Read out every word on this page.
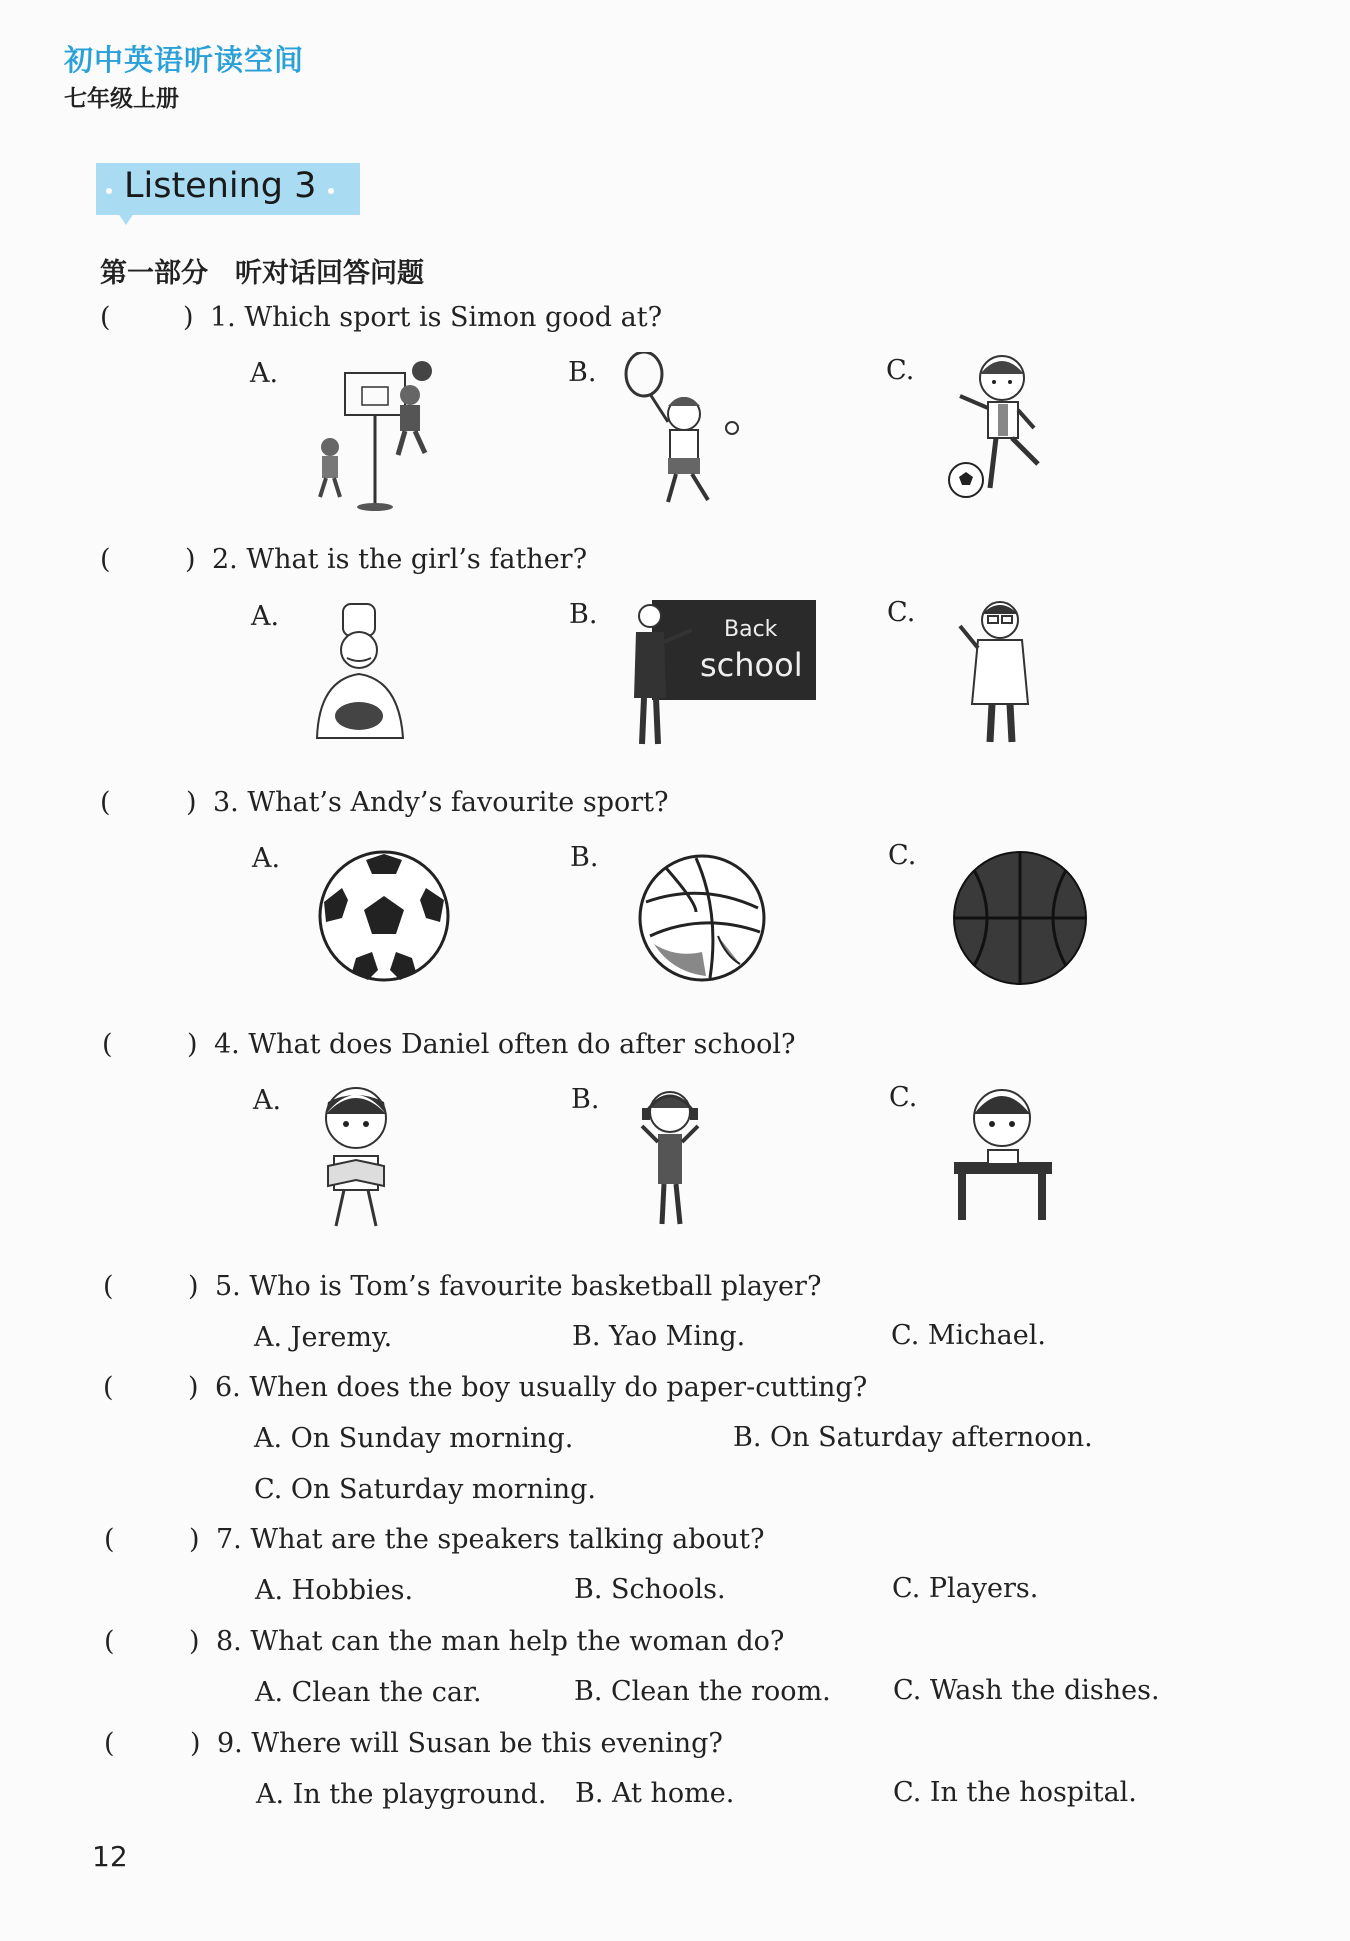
初中英语听读空间
七年级上册
Listening 3
第一部分　听对话回答问题
(	) 1. Which sport is Simon good at?
A.	B.	C.
(	) 2. What is the girl’s father?
A.	B.	C.
Back
school
(	) 3. What’s Andy’s favourite sport?
A.	B.	C.
(	) 4. What does Daniel often do after school?
A.	B.	C.
(	) 5. Who is Tom’s favourite basketball player?
A. Jeremy.	B. Yao Ming.	C. Michael.
(	) 6. When does the boy usually do paper-cutting?
A. On Sunday morning.	B. On Saturday afternoon.
C. On Saturday morning.
(	) 7. What are the speakers talking about?
A. Hobbies.	B. Schools.	C. Players.
(	) 8. What can the man help the woman do?
A. Clean the car.	B. Clean the room. C. Wash the dishes.
(	) 9. Where will Susan be this evening?
A. In the playground. B. At home.	C. In the hospital.
12
